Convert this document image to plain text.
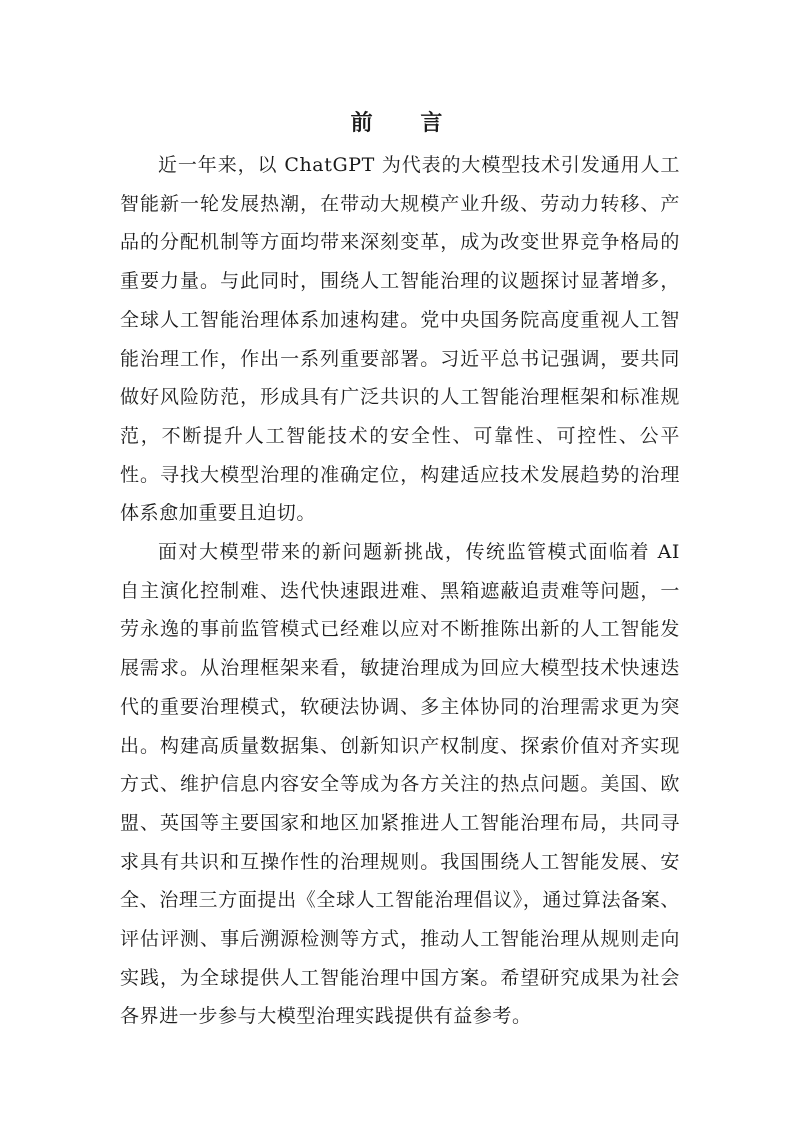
前 言

近一年来，以 ChatGPT 为代表的大模型技术引发通用人工智能新一轮发展热潮，在带动大规模产业升级、劳动力转移、产品的分配机制等方面均带来深刻变革，成为改变世界竞争格局的重要力量。与此同时，围绕人工智能治理的议题探讨显著增多，全球人工智能治理体系加速构建。党中央国务院高度重视人工智能治理工作，作出一系列重要部署。习近平总书记强调，要共同做好风险防范，形成具有广泛共识的人工智能治理框架和标准规范，不断提升人工智能技术的安全性、可靠性、可控性、公平性。寻找大模型治理的准确定位，构建适应技术发展趋势的治理体系愈加重要且迫切。

面对大模型带来的新问题新挑战，传统监管模式面临着 AI 自主演化控制难、迭代快速跟进难、黑箱遮蔽追责难等问题，一劳永逸的事前监管模式已经难以应对不断推陈出新的人工智能发展需求。从治理框架来看，敏捷治理成为回应大模型技术快速迭代的重要治理模式，软硬法协调、多主体协同的治理需求更为突出。构建高质量数据集、创新知识产权制度、探索价值对齐实现方式、维护信息内容安全等成为各方关注的热点问题。美国、欧盟、英国等主要国家和地区加紧推进人工智能治理布局，共同寻求具有共识和互操作性的治理规则。我国围绕人工智能发展、安全、治理三方面提出《全球人工智能治理倡议》，通过算法备案、评估评测、事后溯源检测等方式，推动人工智能治理从规则走向实践，为全球提供人工智能治理中国方案。希望研究成果为社会各界进一步参与大模型治理实践提供有益参考。
